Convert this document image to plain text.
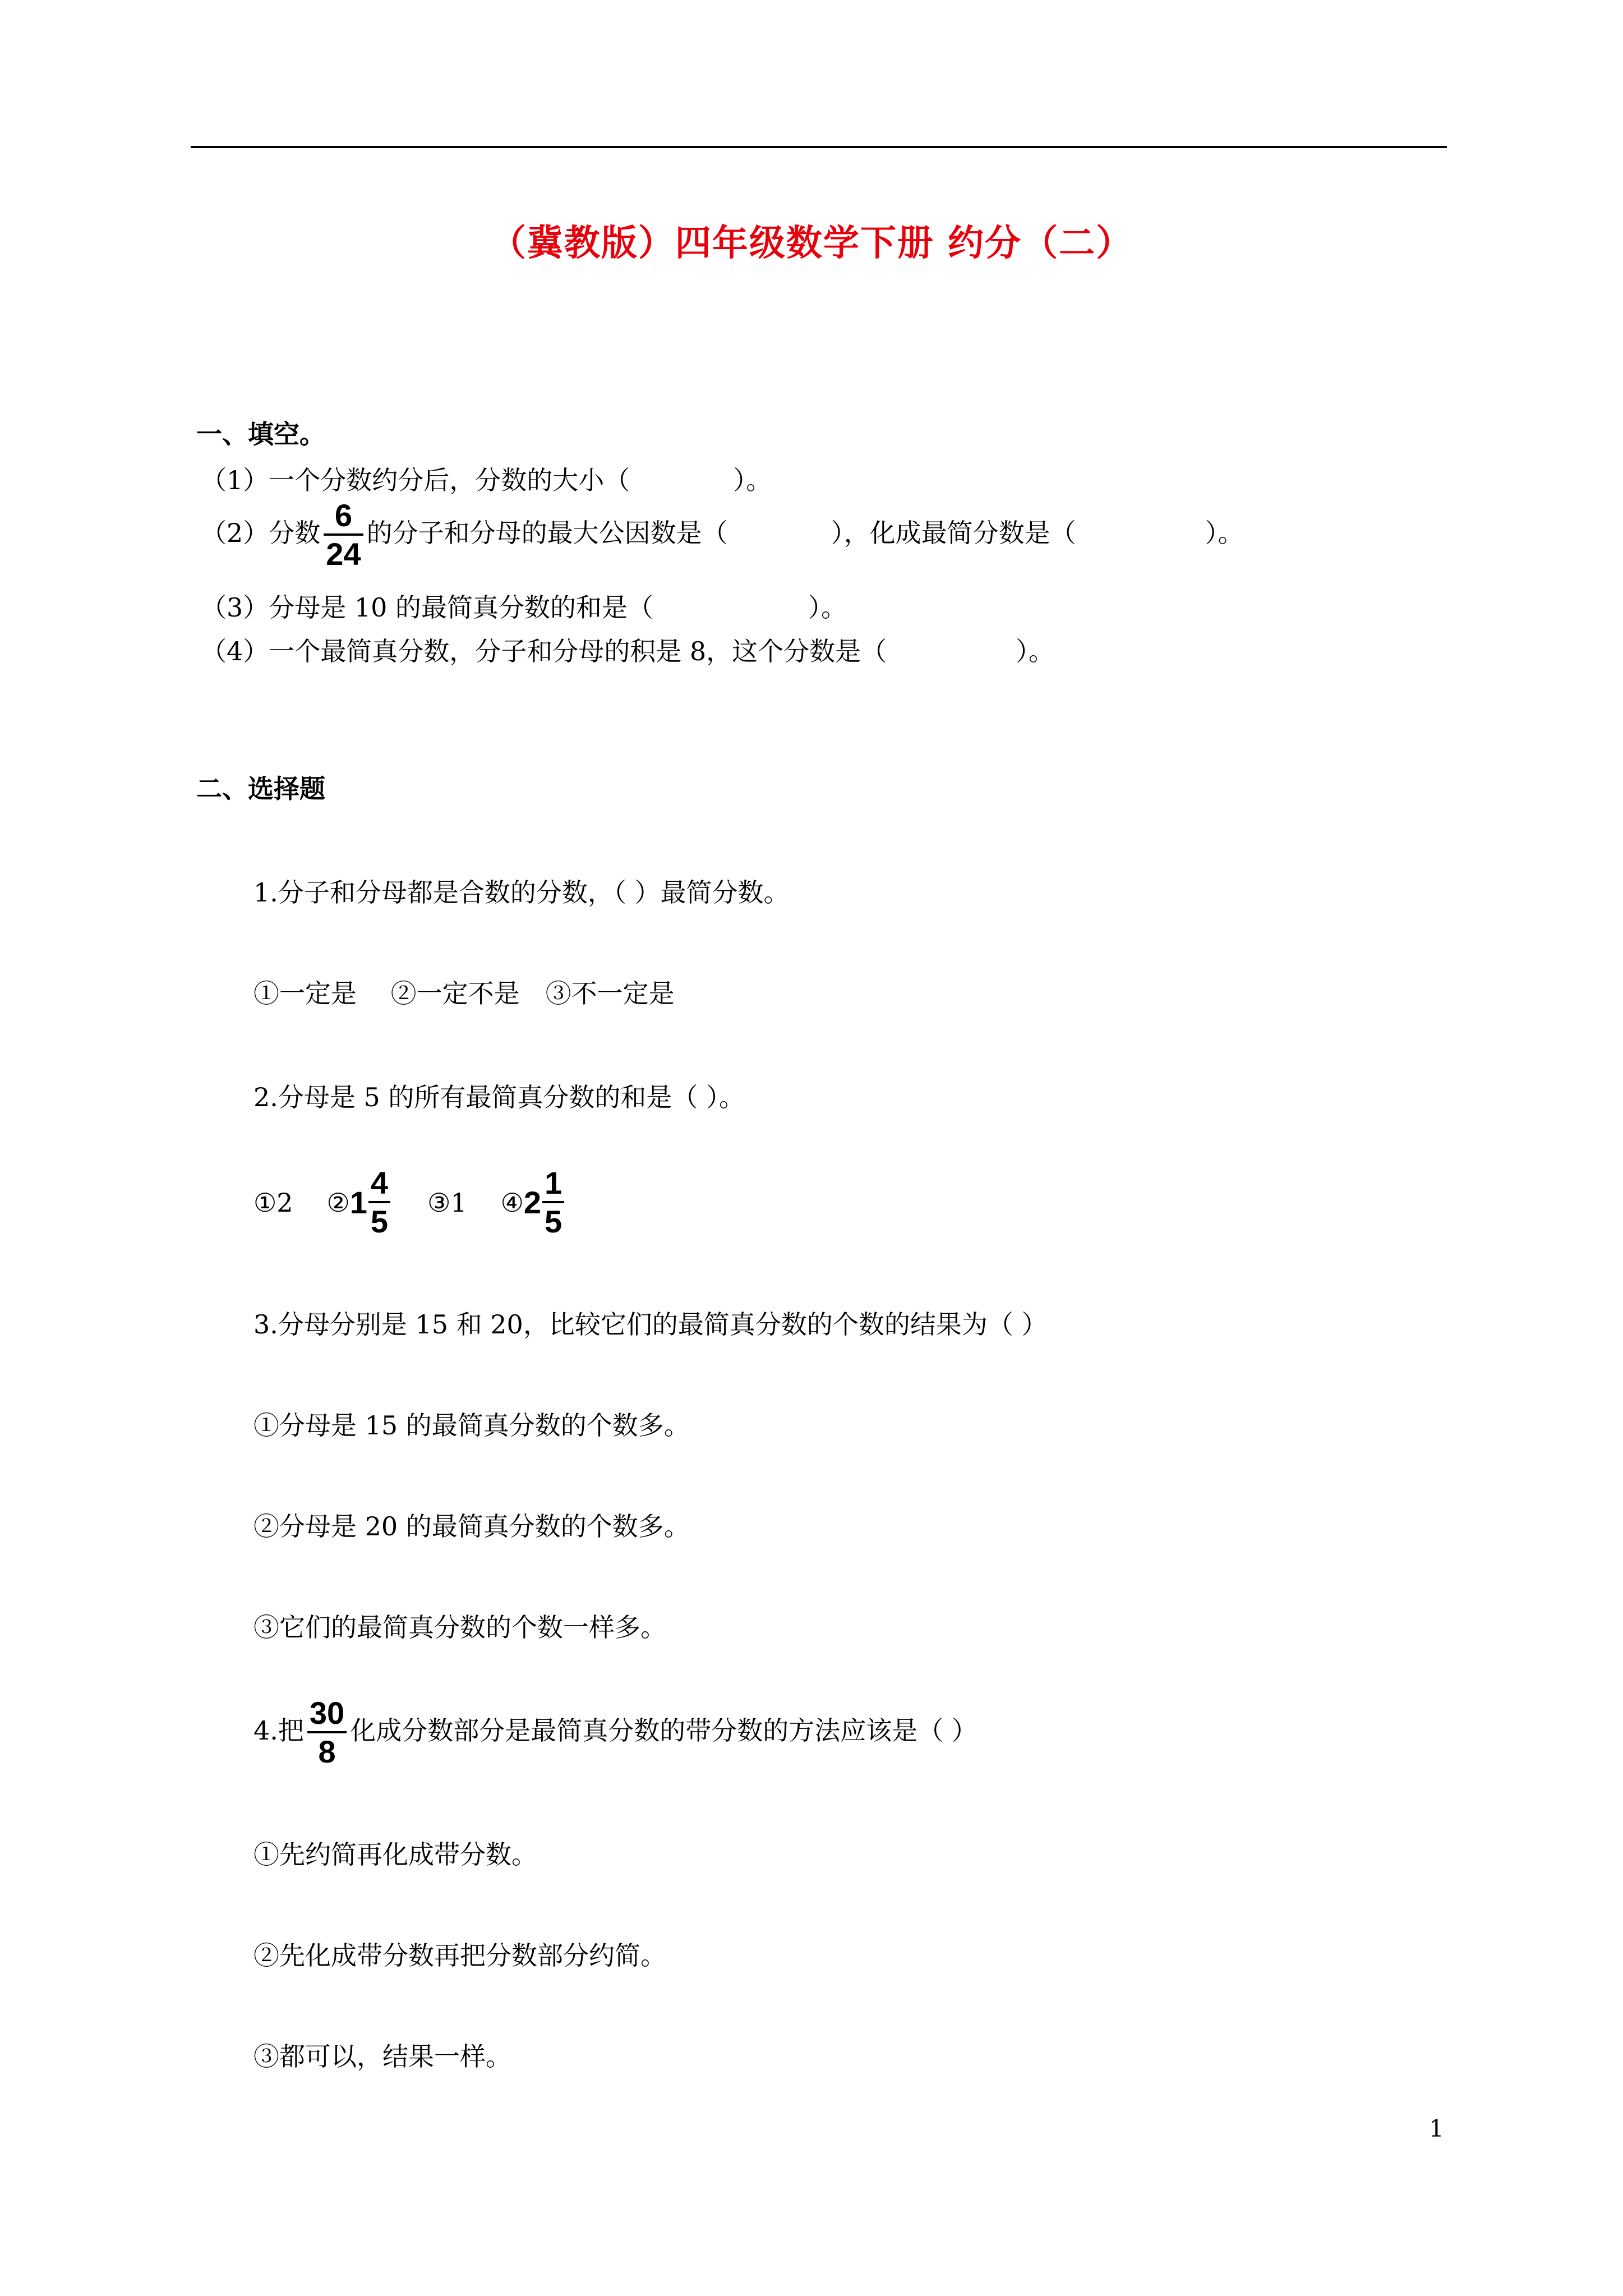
（冀教版）四年级数学下册 约分（二）
一、填空。
（1）一个分数约分后，分数的大小（　　　　）。
（2）分数 $\frac{6}{24}$ 的分子和分母的最大公因数是（　　　　），化成最简分数是（　　　　　）。
（3）分母是 10 的最简真分数的和是（　　　　　　）。
（4）一个最简真分数，分子和分母的积是 8，这个分数是（　　　　　）。
二、选择题
1.分子和分母都是合数的分数，（ ）最简分数。
①一定是　 ②一定不是　③不一定是
2.分母是 5 的所有最简真分数的和是（ ）。
①2 ② $1 \frac{4}{5}$ ③1 ④ $2 \frac{1}{5}$
3.分母分别是 15 和 20，比较它们的最简真分数的个数的结果为（ ）
①分母是 15 的最简真分数的个数多。
②分母是 20 的最简真分数的个数多。
③它们的最简真分数的个数一样多。
4.把 $\frac{30}{8}$ 化成分数部分是最简真分数的带分数的方法应该是（ ）
①先约简再化成带分数。
②先化成带分数再把分数部分约简。
③都可以，结果一样。
1
